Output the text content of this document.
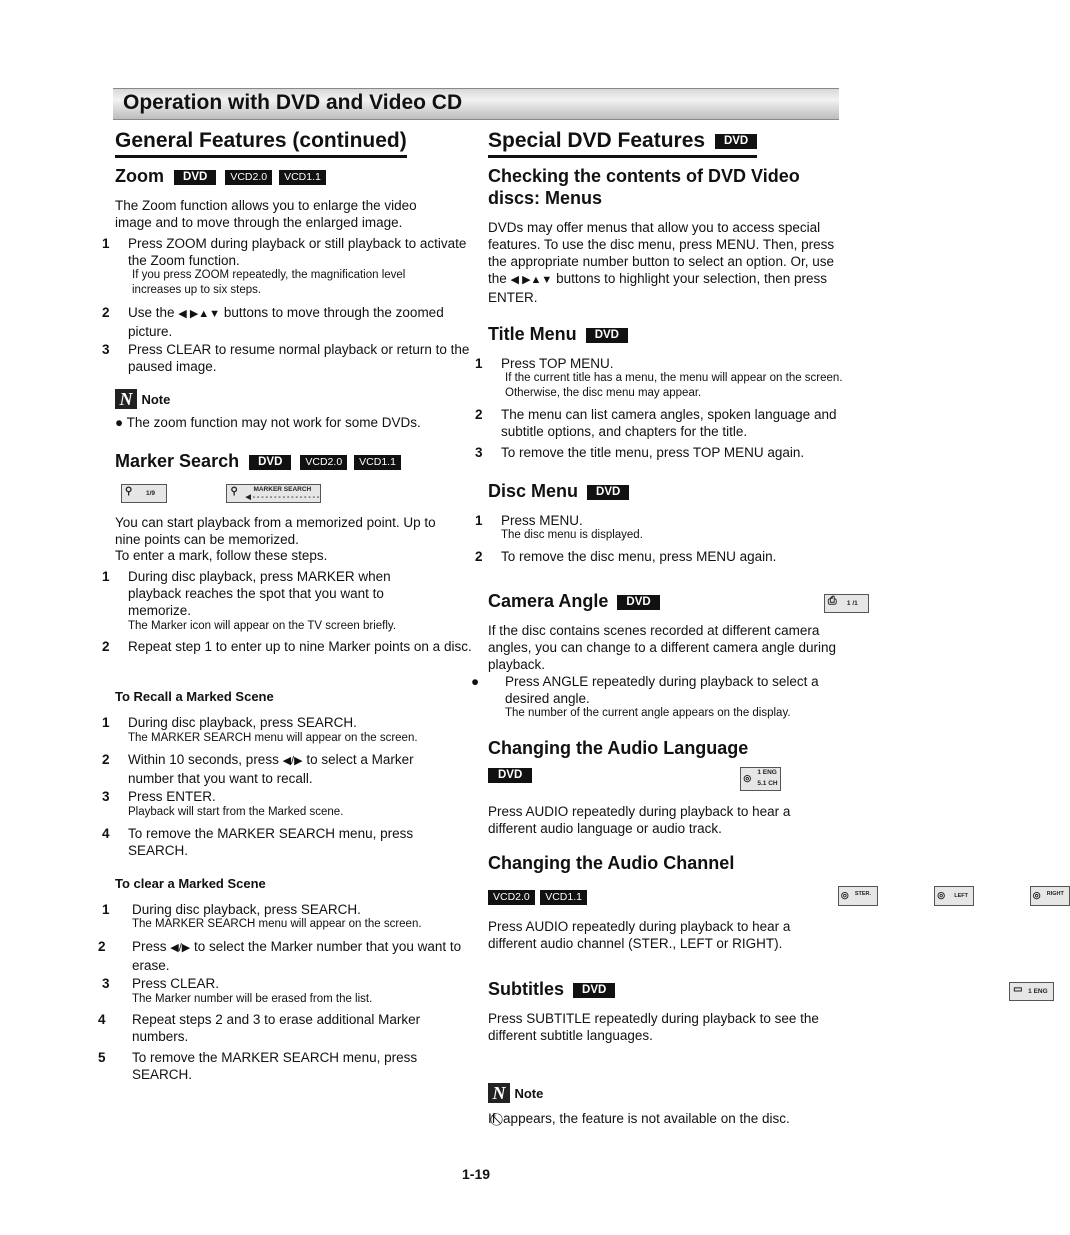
Operation with DVD and Video CD
General Features (continued)
Zoom DVD VCD2.0 VCD1.1
The Zoom function allows you to enlarge the video image and to move through the enlarged image.
1 Press ZOOM during playback or still playback to activate the Zoom function.
If you press ZOOM repeatedly, the magnification level increases up to six steps.
2 Use the ◀ ▶▲▼ buttons to move through the zoomed picture.
3 Press CLEAR to resume normal playback or return to the paused image.
N Note
● The zoom function may not work for some DVDs.
Marker Search DVD VCD2.0 VCD1.1
⚲ 1/9
	⚲ MARKER SEARCH
◀ - - - - - - - - - - - - - - - -

You can start playback from a memorized point. Up to nine points can be memorized.
To enter a mark, follow these steps.
1 During disc playback, press MARKER when playback reaches the spot that you want to memorize.
The Marker icon will appear on the TV screen briefly.
2 Repeat step 1 to enter up to nine Marker points on a disc.
To Recall a Marked Scene
1 During disc playback, press SEARCH.
The MARKER SEARCH menu will appear on the screen.
2 Within 10 seconds, press ◀/▶ to select a Marker number that you want to recall.
3 Press ENTER.
Playback will start from the Marked scene.
4 To remove the MARKER SEARCH menu, press SEARCH.
To clear a Marked Scene
1 During disc playback, press SEARCH.
The MARKER SEARCH menu will appear on the screen.
2 Press ◀/▶ to select the Marker number that you want to erase.
3 Press CLEAR.
The Marker number will be erased from the list.
4 Repeat steps 2 and 3 to erase additional Marker numbers.
5 To remove the MARKER SEARCH menu, press SEARCH.
Special DVD Features DVD
Checking the contents of DVD Video discs: Menus
DVDs may offer menus that allow you to access special features. To use the disc menu, press MENU. Then, press the appropriate number button to select an option. Or, use the ◀ ▶▲▼ buttons to highlight your selection, then press ENTER.
Title Menu DVD
1 Press TOP MENU.
If the current title has a menu, the menu will appear on the screen. Otherwise, the disc menu may appear.
2 The menu can list camera angles, spoken language and subtitle options, and chapters for the title.
3 To remove the title menu, press TOP MENU again.
Disc Menu DVD
1 Press MENU.
The disc menu is displayed.
2 To remove the disc menu, press MENU again.
Camera Angle DVD	⎙ 1 /1

If the disc contains scenes recorded at different camera angles, you can change to a different camera angle during playback.
● Press ANGLE repeatedly during playback to select a desired angle.
The number of the current angle appears on the display.
Changing the Audio Language
DVD	◎
1 ENG
5.1 CH

Press AUDIO repeatedly during playback to hear a different audio language or audio track.
Changing the Audio Channel
VCD2.0 VCD1.1	◎ STER.
	◎ LEFT
	◎ RIGHT

Press AUDIO repeatedly during playback to hear a different audio channel (STER., LEFT or RIGHT).
Subtitles DVD	▭ 1 ENG
Press SUBTITLE repeatedly during playback to see the different subtitle languages.
N Note
If appears, the feature is not available on the disc.
1-19
